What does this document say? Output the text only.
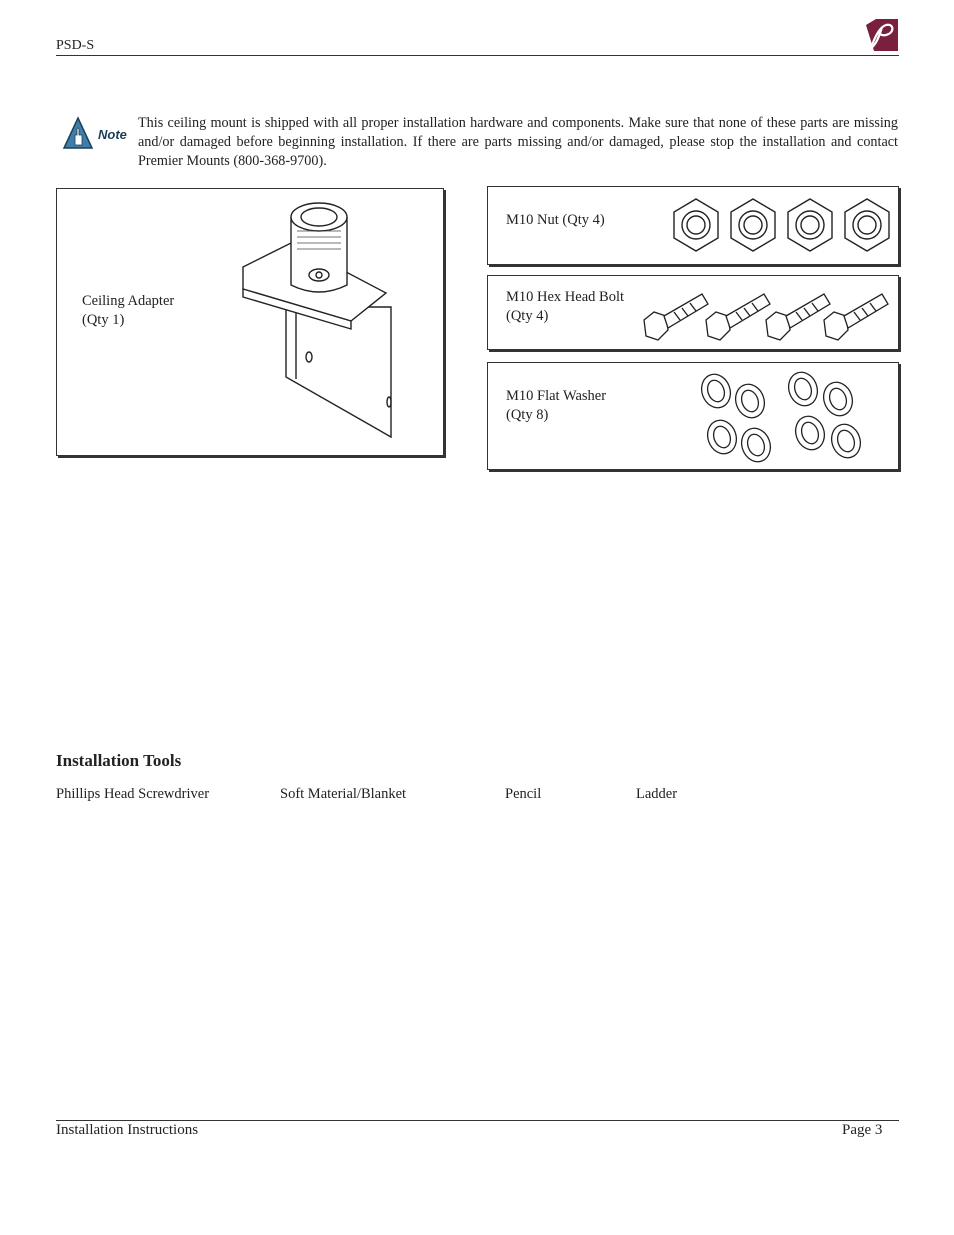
PSD-S
Note
This ceiling mount is shipped with all proper installation hardware and components. Make sure that none of these parts are missing and/or damaged before beginning installation. If there are parts missing and/or damaged, please stop the installation and contact Premier Mounts (800-368-9700).
Ceiling Adapter
(Qty 1)
M10 Nut (Qty 4)
M10 Hex Head Bolt
(Qty 4)
M10 Flat Washer
(Qty 8)
Installation Tools
Phillips Head Screwdriver	Soft Material/Blanket	Pencil	Ladder
Installation Instructions	Page 3
